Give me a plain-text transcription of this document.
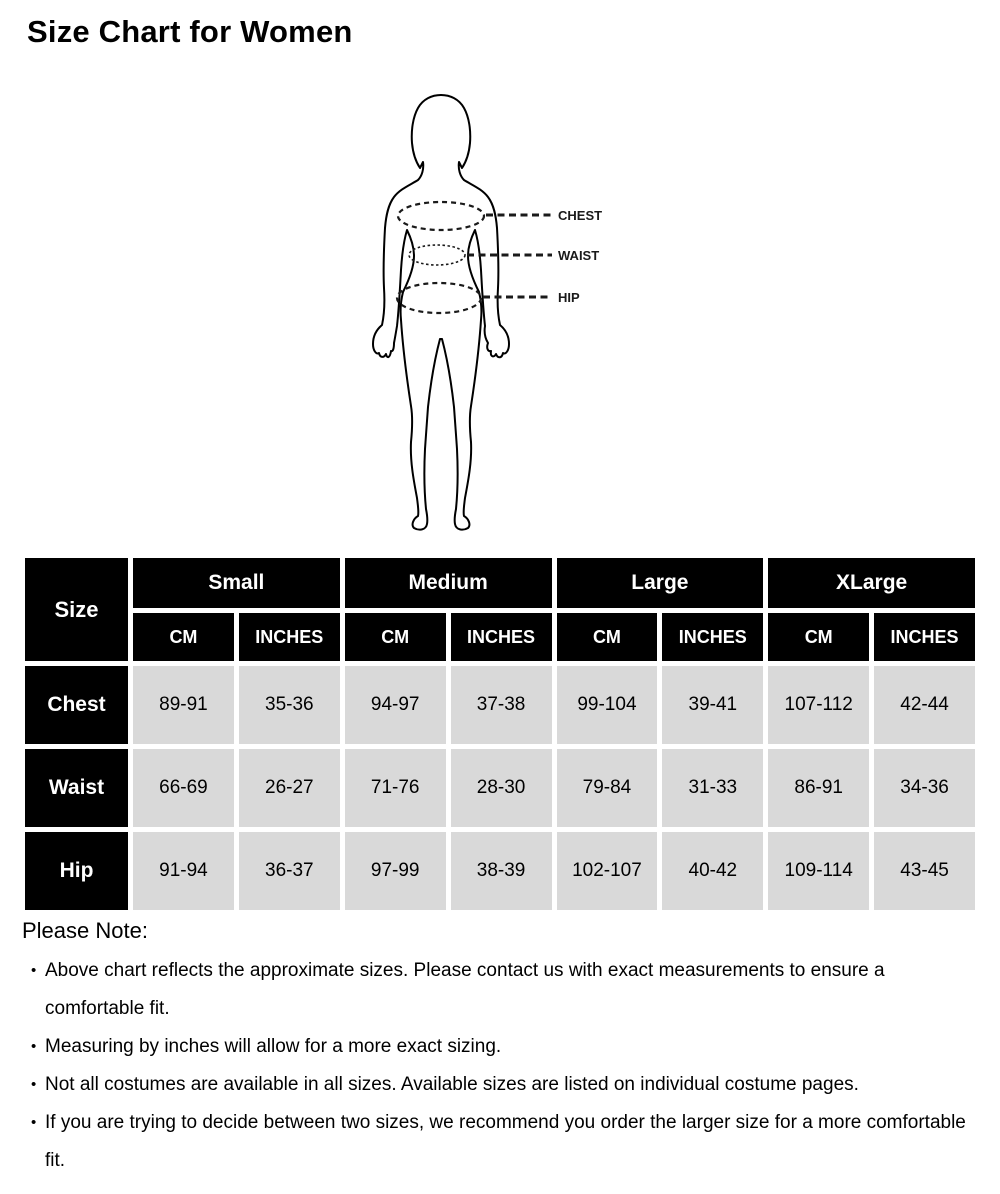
Size Chart for Women
CHEST
WAIST
HIP
Size
Small	Medium	Large	XLarge
CM	INCHES	CM	INCHES	CM	INCHES	CM	INCHES
Chest	89-91	35-36	94-97	37-38	99-104	39-41	107-112	42-44
Waist	66-69	26-27	71-76	28-30	79-84	31-33	86-91	34-36
Hip	91-94	36-37	97-99	38-39	102-107	40-42	109-114	43-45

Please Note:

• Above chart reflects the approximate sizes. Please contact us with exact measurements to ensure a comfortable fit.
• Measuring by inches will allow for a more exact sizing.
• Not all costumes are available in all sizes. Available sizes are listed on individual costume pages.
• If you are trying to decide between two sizes, we recommend you order the larger size for a more comfortable fit.
